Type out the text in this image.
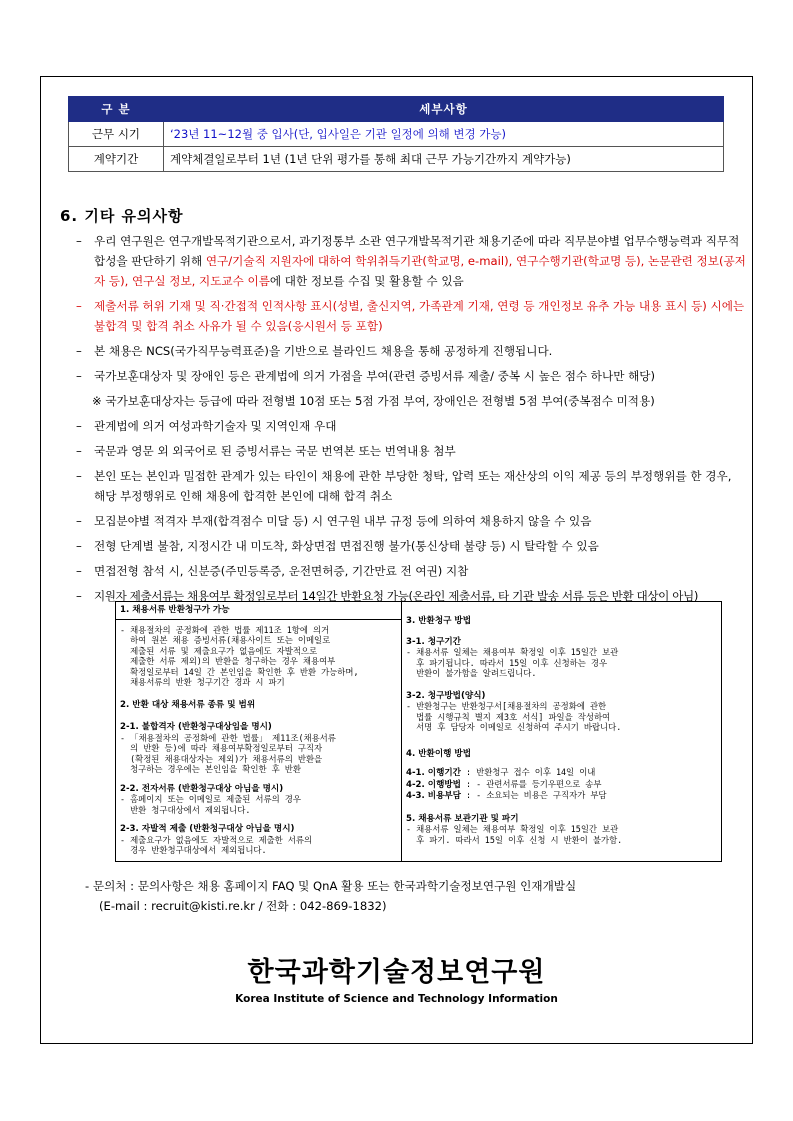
구 분	세부사항
근무 시기	‘23년 11~12월 중 입사(단, 입사일은 기관 일정에 의해 변경 가능)
계약기간	계약체결일로부터 1년 (1년 단위 평가를 통해 최대 근무 가능기간까지 계약가능)
6. 기타 유의사항
– 우리 연구원은 연구개발목적기관으로서, 과기정통부 소관 연구개발목적기관 채용기준에 따라 직무분야별 업무수행능력과 직무적합성을 판단하기 위해 연구/기술직 지원자에 대하여 학위취득기관(학교명, e-mail), 연구수행기관(학교명 등), 논문관련 정보(공저자 등), 연구실 정보, 지도교수 이름에 대한 정보를 수집 및 활용할 수 있음
– 제출서류 허위 기재 및 직·간접적 인적사항 표시(성별, 출신지역, 가족관계 기재, 연령 등 개인정보 유추 가능 내용 표시 등) 시에는 불합격 및 합격 취소 사유가 될 수 있음(응시원서 등 포함)
– 본 채용은 NCS(국가직무능력표준)을 기반으로 블라인드 채용을 통해 공정하게 진행됩니다.
– 국가보훈대상자 및 장애인 등은 관계법에 의거 가점을 부여(관련 증빙서류 제출/ 중복 시 높은 점수 하나만 해당)
※ 국가보훈대상자는 등급에 따라 전형별 10점 또는 5점 가점 부여, 장애인은 전형별 5점 부여(중복점수 미적용)
– 관계법에 의거 여성과학기술자 및 지역인재 우대
– 국문과 영문 외 외국어로 된 증빙서류는 국문 번역본 또는 번역내용 첨부
– 본인 또는 본인과 밀접한 관계가 있는 타인이 채용에 관한 부당한 청탁, 압력 또는 재산상의 이익 제공 등의 부정행위를 한 경우, 해당 부정행위로 인해 채용에 합격한 본인에 대해 합격 취소
– 모집분야별 적격자 부재(합격점수 미달 등) 시 연구원 내부 규정 등에 의하여 채용하지 않을 수 있음
– 전형 단계별 불참, 지정시간 내 미도착, 화상면접 면접진행 불가(통신상태 불량 등) 시 탈락할 수 있음
– 면접전형 참석 시, 신분증(주민등록증, 운전면허증, 기간만료 전 여권) 지참
– 지원자 제출서류는 채용여부 확정일로부터 14일간 반환요청 가능(온라인 제출서류, 타 기관 발송 서류 등은 반환 대상이 아님)
1. 채용서류 반환청구가 가능
- 채용절차의 공정화에 관한 법률 제11조 1항에 의거
하여 원본 채용 증빙서류(채용사이트 또는 이메일로
제출된 서류 및 제출요구가 없음에도 자발적으로
제출한 서류 제외)의 반환을 청구하는 경우 채용여부
확정일로부터 14일 간 본인임을 확인한 후 반환 가능하며,
채용서류의 반환 청구기간 경과 시 파기
2. 반환 대상 채용서류 종류 및 범위
2-1. 불합격자 (반환청구대상임을 명시)
- 「채용절차의 공정화에 관한 법률」 제11조(채용서류
의 반환 등)에 따라 채용여부확정일로부터 구직자
(확정된 채용대상자는 제외)가 채용서류의 반환을
청구하는 경우에는 본인임을 확인한 후 반환
2-2. 전자서류 (반환청구대상 아님을 명시)
- 홈페이지 또는 이메일로 제출된 서류의 경우
반환 청구대상에서 제외됩니다.
2-3. 자발적 제출 (반환청구대상 아님을 명시)
- 제출요구가 없음에도 자발적으로 제출한 서류의
경우 반환청구대상에서 제외됩니다.
3. 반환청구 방법
3-1. 청구기간
- 채용서류 일체는 채용여부 확정일 이후 15일간 보관
후 파기됩니다. 따라서 15일 이후 신청하는 경우
반환이 불가함을 알려드립니다.
3-2. 청구방법(양식)
- 반환청구는 반환청구서[채용절차의 공정화에 관한
법률 시행규칙 별지 제3호 서식] 파일을 작성하여
서명 후 담당자 이메일로 신청하여 주시기 바랍니다.
4. 반환이행 방법
4-1. 이행기간 : 반환청구 접수 이후 14일 이내
4-2. 이행방법 : - 관련서류를 등기우편으로 송부
4-3. 비용부담 : - 소요되는 비용은 구직자가 부담
5. 채용서류 보관기관 및 파기
- 채용서류 일체는 채용여부 확정일 이후 15일간 보관
후 파기. 따라서 15일 이후 신청 시 반환이 불가함.
- 문의처 : 문의사항은 채용 홈페이지 FAQ 및 QnA 활용 또는 한국과학기술정보연구원 인재개발실
(E-mail : recruit@kisti.re.kr / 전화 : 042-869-1832)
한국과학기술정보연구원
Korea Institute of Science and Technology Information
